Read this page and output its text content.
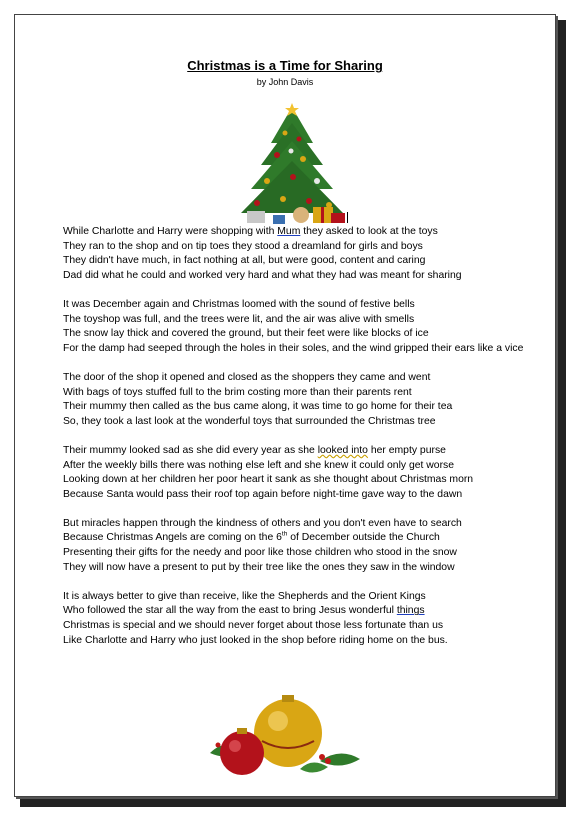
Christmas is a Time for Sharing
by John Davis
While Charlotte and Harry were shopping with Mum they asked to look at the toys
They ran to the shop and on tip toes they stood a dreamland for girls and boys
They didn't have much, in fact nothing at all, but were good, content and caring
Dad did what he could and worked very hard and what they had was meant for sharing
It was December again and Christmas loomed with the sound of festive bells
The toyshop was full, and the trees were lit, and the air was alive with smells
The snow lay thick and covered the ground, but their feet were like blocks of ice
For the damp had seeped through the holes in their soles, and the wind gripped their ears like a vice
The door of the shop it opened and closed as the shoppers they came and went
With bags of toys stuffed full to the brim costing more than their parents rent
Their mummy then called as the bus came along, it was time to go home for their tea
So, they took a last look at the wonderful toys that surrounded the Christmas tree
Their mummy looked sad as she did every year as she looked into her empty purse
After the weekly bills there was nothing else left and she knew it could only get worse
Looking down at her children her poor heart it sank as she thought about Christmas morn
Because Santa would pass their roof top again before night-time gave way to the dawn
But miracles happen through the kindness of others and you don't even have to search
Because Christmas Angels are coming on the 6th of December outside the Church
Presenting their gifts for the needy and poor like those children who stood in the snow
They will now have a present to put by their tree like the ones they saw in the window
It is always better to give than receive, like the Shepherds and the Orient Kings
Who followed the star all the way from the east to bring Jesus wonderful things
Christmas is special and we should never forget about those less fortunate than us
Like Charlotte and Harry who just looked in the shop before riding home on the bus.
